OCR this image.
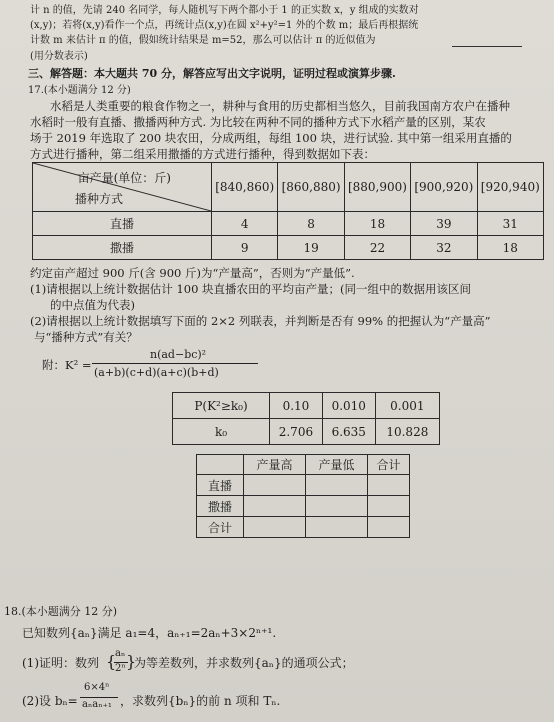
计 n 的值，先请 240 名同学，每人随机写下两个都小于 1 的正实数 x，y 组成的实数对
(x,y)；若将(x,y)看作一个点，再统计点(x,y)在圆 x²+y²=1 外的个数 m；最后再根据统
计数 m 来估计 π 的值，假如统计结果是 m=52，那么可以估计 π 的近似值为
(用分数表示)
三、解答题：本大题共 70 分，解答应写出文字说明，证明过程或演算步骤.
17.(本小题满分 12 分)
水稻是人类重要的粮食作物之一，耕种与食用的历史都相当悠久，目前我国南方农户在播种
水稻时一般有直播、撒播两种方式. 为比较在两种不同的播种方式下水稻产量的区别，某农
场于 2019 年选取了 200 块农田，分成两组，每组 100 块，进行试验. 其中第一组采用直播的
方式进行播种，第二组采用撒播的方式进行播种，得到数据如下表：
亩产量(单位：斤)
播种方式	[840,860)	[860,880)	[880,900)	[900,920)	[920,940)
直播	4	8	18	39	31
撒播	9	19	22	32	18
约定亩产超过 900 斤(含 900 斤)为“产量高”，否则为“产量低”.
(1)请根据以上统计数据估计 100 块直播农田的平均亩产量；(同一组中的数据用该区间
的中点值为代表)
(2)请根据以上统计数据填写下面的 2×2 列联表，并判断是否有 99% 的把握认为“产量高”
与“播种方式”有关？
附：K² =
n(ad−bc)²
(a+b)(c+d)(a+c)(b+d)
P(K²≥k₀)	0.10	0.010	0.001
k₀	2.706	6.635	10.828
	产量高	产量低	合计
直播			
撒播			
合计			
18.(本小题满分 12 分)
已知数列{aₙ}满足 a₁=4，aₙ₊₁=2aₙ+3×2ⁿ⁺¹.
(1)证明：数列 {
aₙ
2ⁿ }
为等差数列，并求数列{aₙ}的通项公式；
(2)设 bₙ=
6×4ⁿ
aₙaₙ₊₁ ，求数列{bₙ}的前 n 项和 Tₙ.
